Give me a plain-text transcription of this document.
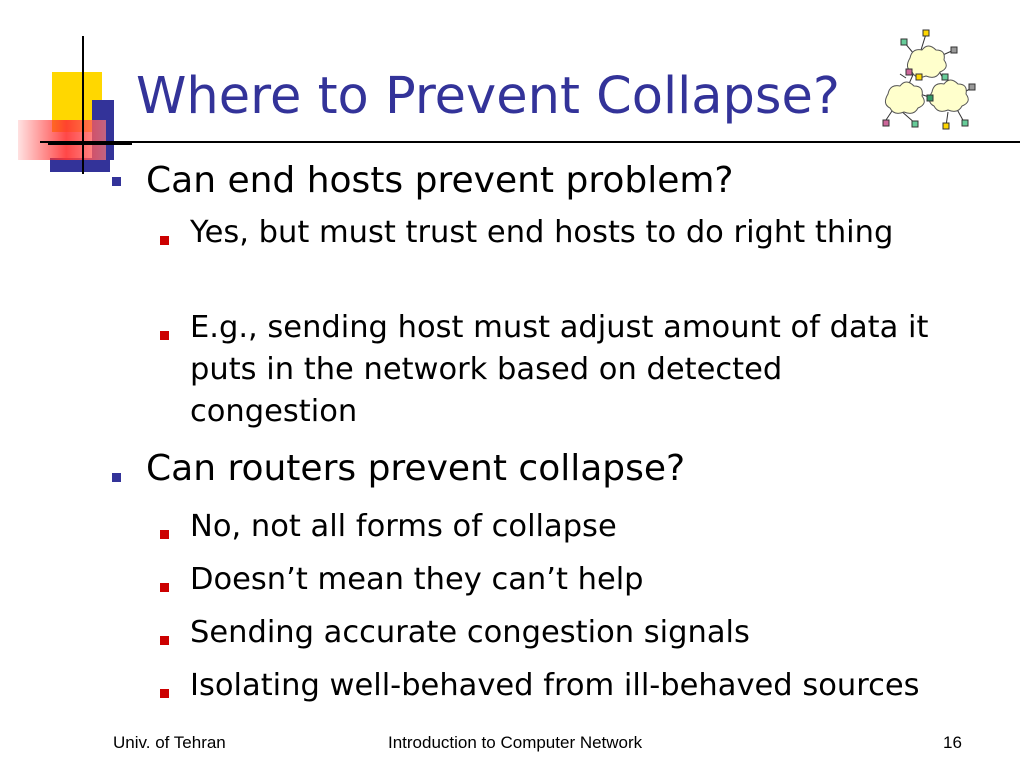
Where to Prevent Collapse?
Can end hosts prevent problem?
Yes, but must trust end hosts to do right thing
E.g., sending host must adjust amount of data it puts in the network based on detected congestion
Can routers prevent collapse?
No, not all forms of collapse
Doesn’t mean they can’t help
Sending accurate congestion signals
Isolating well-behaved from ill-behaved sources
Univ. of Tehran	Introduction to Computer Network	16
